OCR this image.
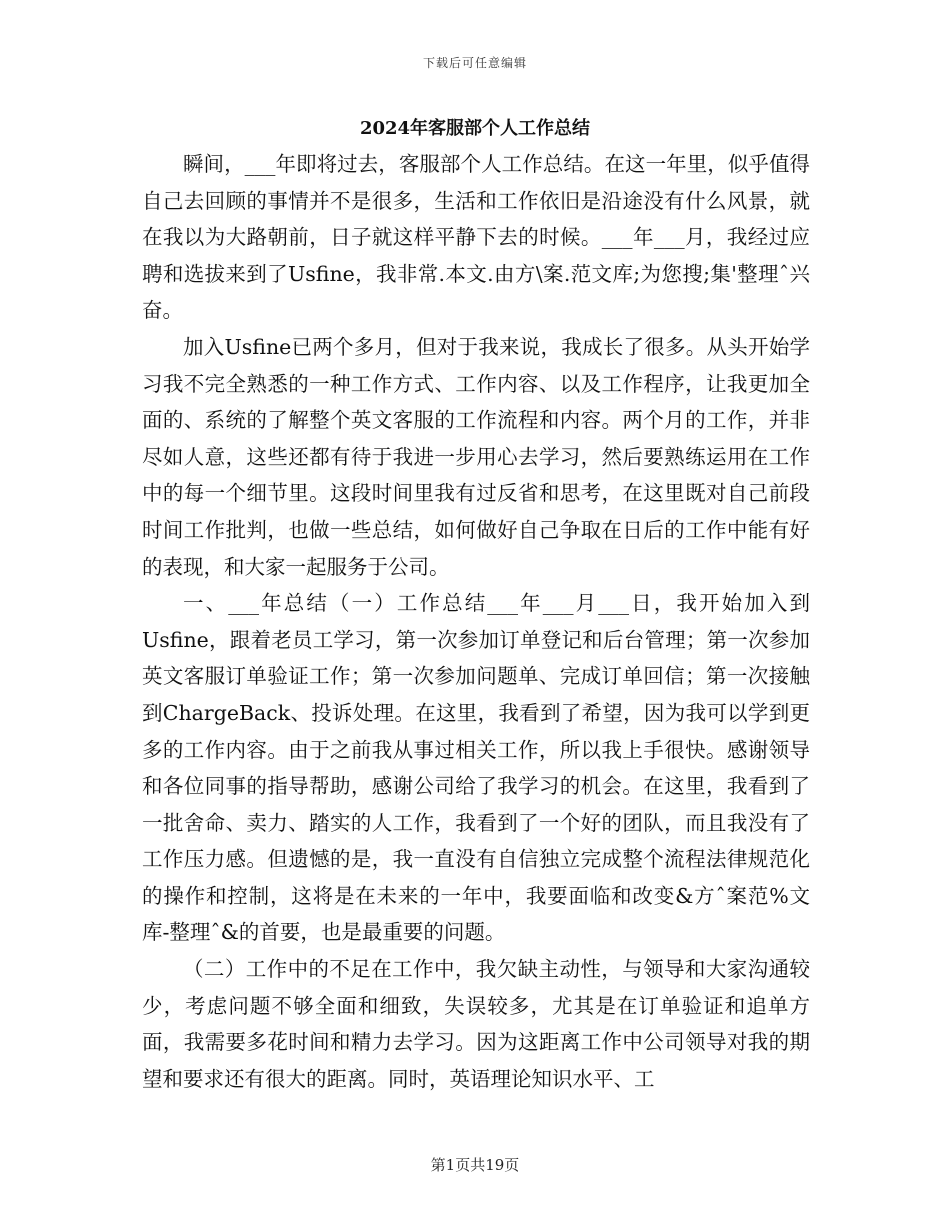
下载后可任意编辑
2024年客服部个人工作总结

瞬间，___年即将过去，客服部个人工作总结。在这一年里，似乎值得自己去回顾的事情并不是很多，生活和工作依旧是沿途没有什么风景，就在我以为大路朝前，日子就这样平静下去的时候。___年___月，我经过应聘和选拔来到了Usfine，我非常.本文.由方\案.范文库;为您搜;集'整理ˆ兴奋。

加入Usfine已两个多月，但对于我来说，我成长了很多。从头开始学习我不完全熟悉的一种工作方式、工作内容、以及工作程序，让我更加全面的、系统的了解整个英文客服的工作流程和内容。两个月的工作，并非尽如人意，这些还都有待于我进一步用心去学习，然后要熟练运用在工作中的每一个细节里。这段时间里我有过反省和思考，在这里既对自己前段时间工作批判，也做一些总结，如何做好自己争取在日后的工作中能有好的表现，和大家一起服务于公司。

一、___年总结（一）工作总结___年___月___日，我开始加入到Usfine，跟着老员工学习，第一次参加订单登记和后台管理；第一次参加英文客服订单验证工作；第一次参加问题单、完成订单回信；第一次接触到ChargeBack、投诉处理。在这里，我看到了希望，因为我可以学到更多的工作内容。由于之前我从事过相关工作，所以我上手很快。感谢领导和各位同事的指导帮助，感谢公司给了我学习的机会。在这里，我看到了一批舍命、卖力、踏实的人工作，我看到了一个好的团队，而且我没有了工作压力感。但遗憾的是，我一直没有自信独立完成整个流程法律规范化的操作和控制，这将是在未来的一年中，我要面临和改变&方ˆ案范%文库-整理ˆ&的首要，也是最重要的问题。

（二）工作中的不足在工作中，我欠缺主动性，与领导和大家沟通较少，考虑问题不够全面和细致，失误较多，尤其是在订单验证和追单方面，我需要多花时间和精力去学习。因为这距离工作中公司领导对我的期望和要求还有很大的距离。同时，英语理论知识水平、工

第1页共19页
